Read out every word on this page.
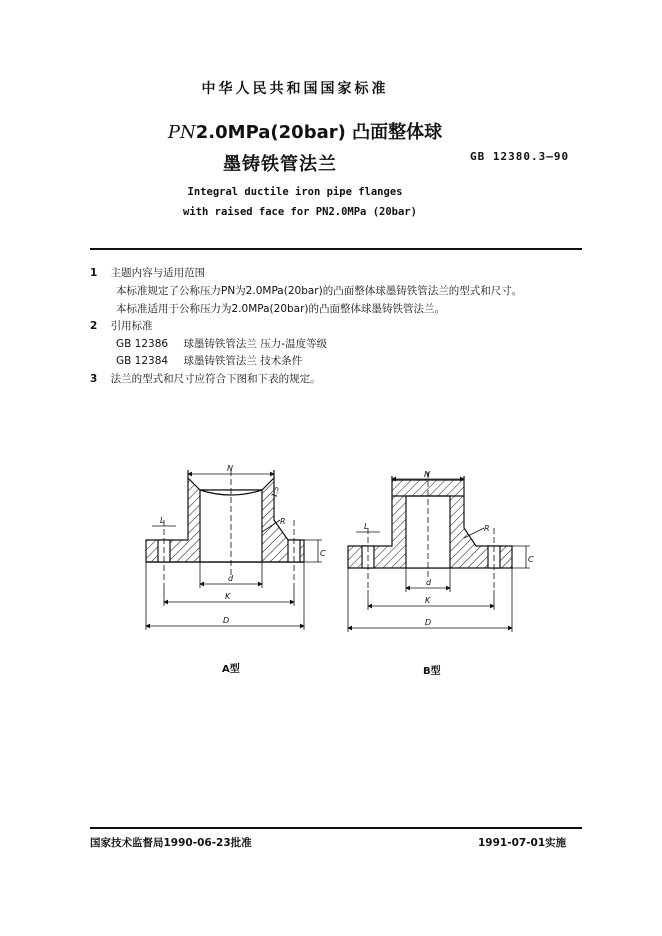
中华人民共和国国家标准
PN2.0MPa(20bar) 凸面整体球
墨铸铁管法兰	GB 12380.3—90
Integral ductile iron pipe flanges
with raised face for PN2.0MPa (20bar)
1 主题内容与适用范围
本标准规定了公称压力PN为2.0MPa(20bar)的凸面整体球墨铸铁管法兰的型式和尺寸。
本标准适用于公称压力为2.0MPa(20bar)的凸面整体球墨铸铁管法兰。
2 引用标准
GB 12386 球墨铸铁管法兰 压力-温度等级
GB 12384 球墨铸铁管法兰 技术条件
3 法兰的型式和尺寸应符合下图和下表的规定。
N
L	R
C
d
K
D
1:5
N
L	R
C
d
K
D
A型	B型
国家技术监督局1990-06-23批准	1991-07-01实施
